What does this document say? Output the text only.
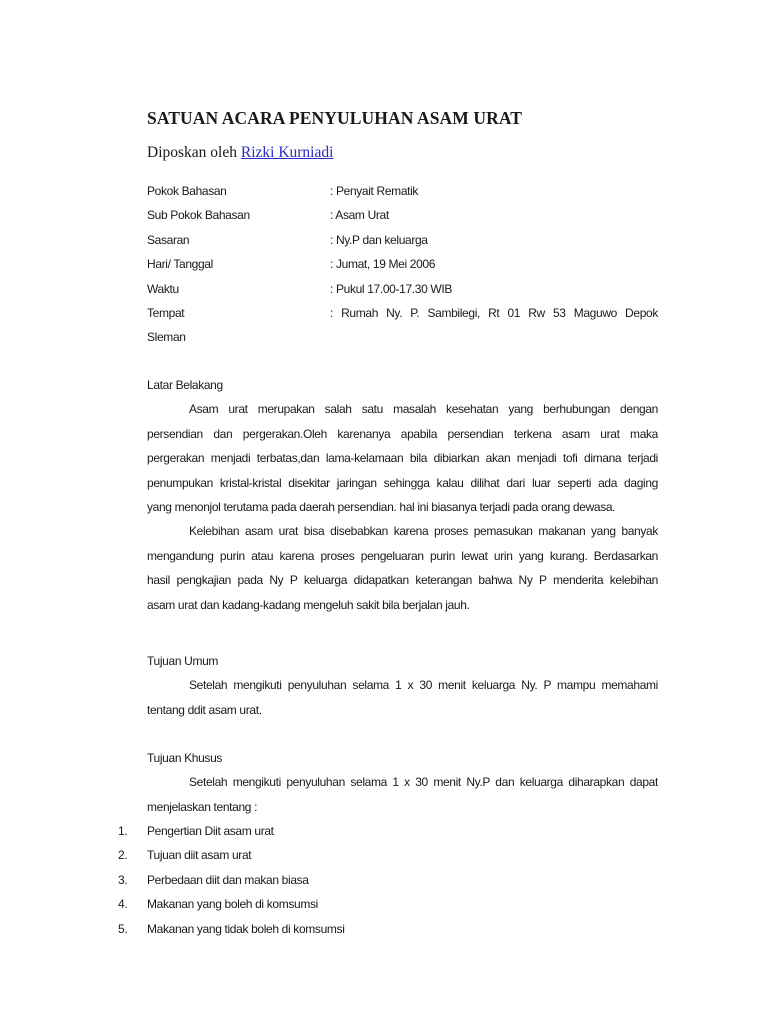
SATUAN ACARA PENYULUHAN ASAM URAT
Diposkan oleh Rizki Kurniadi
Pokok Bahasan	: Penyait Rematik
Sub Pokok Bahasan	: Asam Urat
Sasaran	: Ny.P dan keluarga
Hari/ Tanggal	: Jumat, 19 Mei 2006
Waktu	: Pukul 17.00-17.30 WIB
Tempat	: Rumah Ny. P. Sambilegi, Rt 01 Rw 53 Maguwo Depok
Sleman
Latar Belakang
Asam urat merupakan salah satu masalah kesehatan yang berhubungan dengan
persendian dan pergerakan.Oleh karenanya apabila persendian terkena asam urat maka
pergerakan menjadi terbatas,dan lama-kelamaan bila dibiarkan akan menjadi tofi dimana terjadi
penumpukan kristal-kristal disekitar jaringan sehingga kalau dilihat dari luar seperti ada daging
yang menonjol terutama pada daerah persendian. hal ini biasanya terjadi pada orang dewasa.
Kelebihan asam urat bisa disebabkan karena proses pemasukan makanan yang banyak
mengandung purin atau karena proses pengeluaran purin lewat urin yang kurang. Berdasarkan
hasil pengkajian pada Ny P keluarga didapatkan keterangan bahwa Ny P menderita kelebihan
asam urat dan kadang-kadang mengeluh sakit bila berjalan jauh.
Tujuan Umum
Setelah mengikuti penyuluhan selama 1 x 30 menit keluarga Ny. P mampu memahami
tentang ddit asam urat.
Tujuan Khusus
Setelah mengikuti penyuluhan selama 1 x 30 menit Ny.P dan keluarga diharapkan dapat
menjelaskan tentang :
1. Pengertian Diit asam urat
2. Tujuan diit asam urat
3. Perbedaan diit dan makan biasa
4. Makanan yang boleh di komsumsi
5. Makanan yang tidak boleh di komsumsi
